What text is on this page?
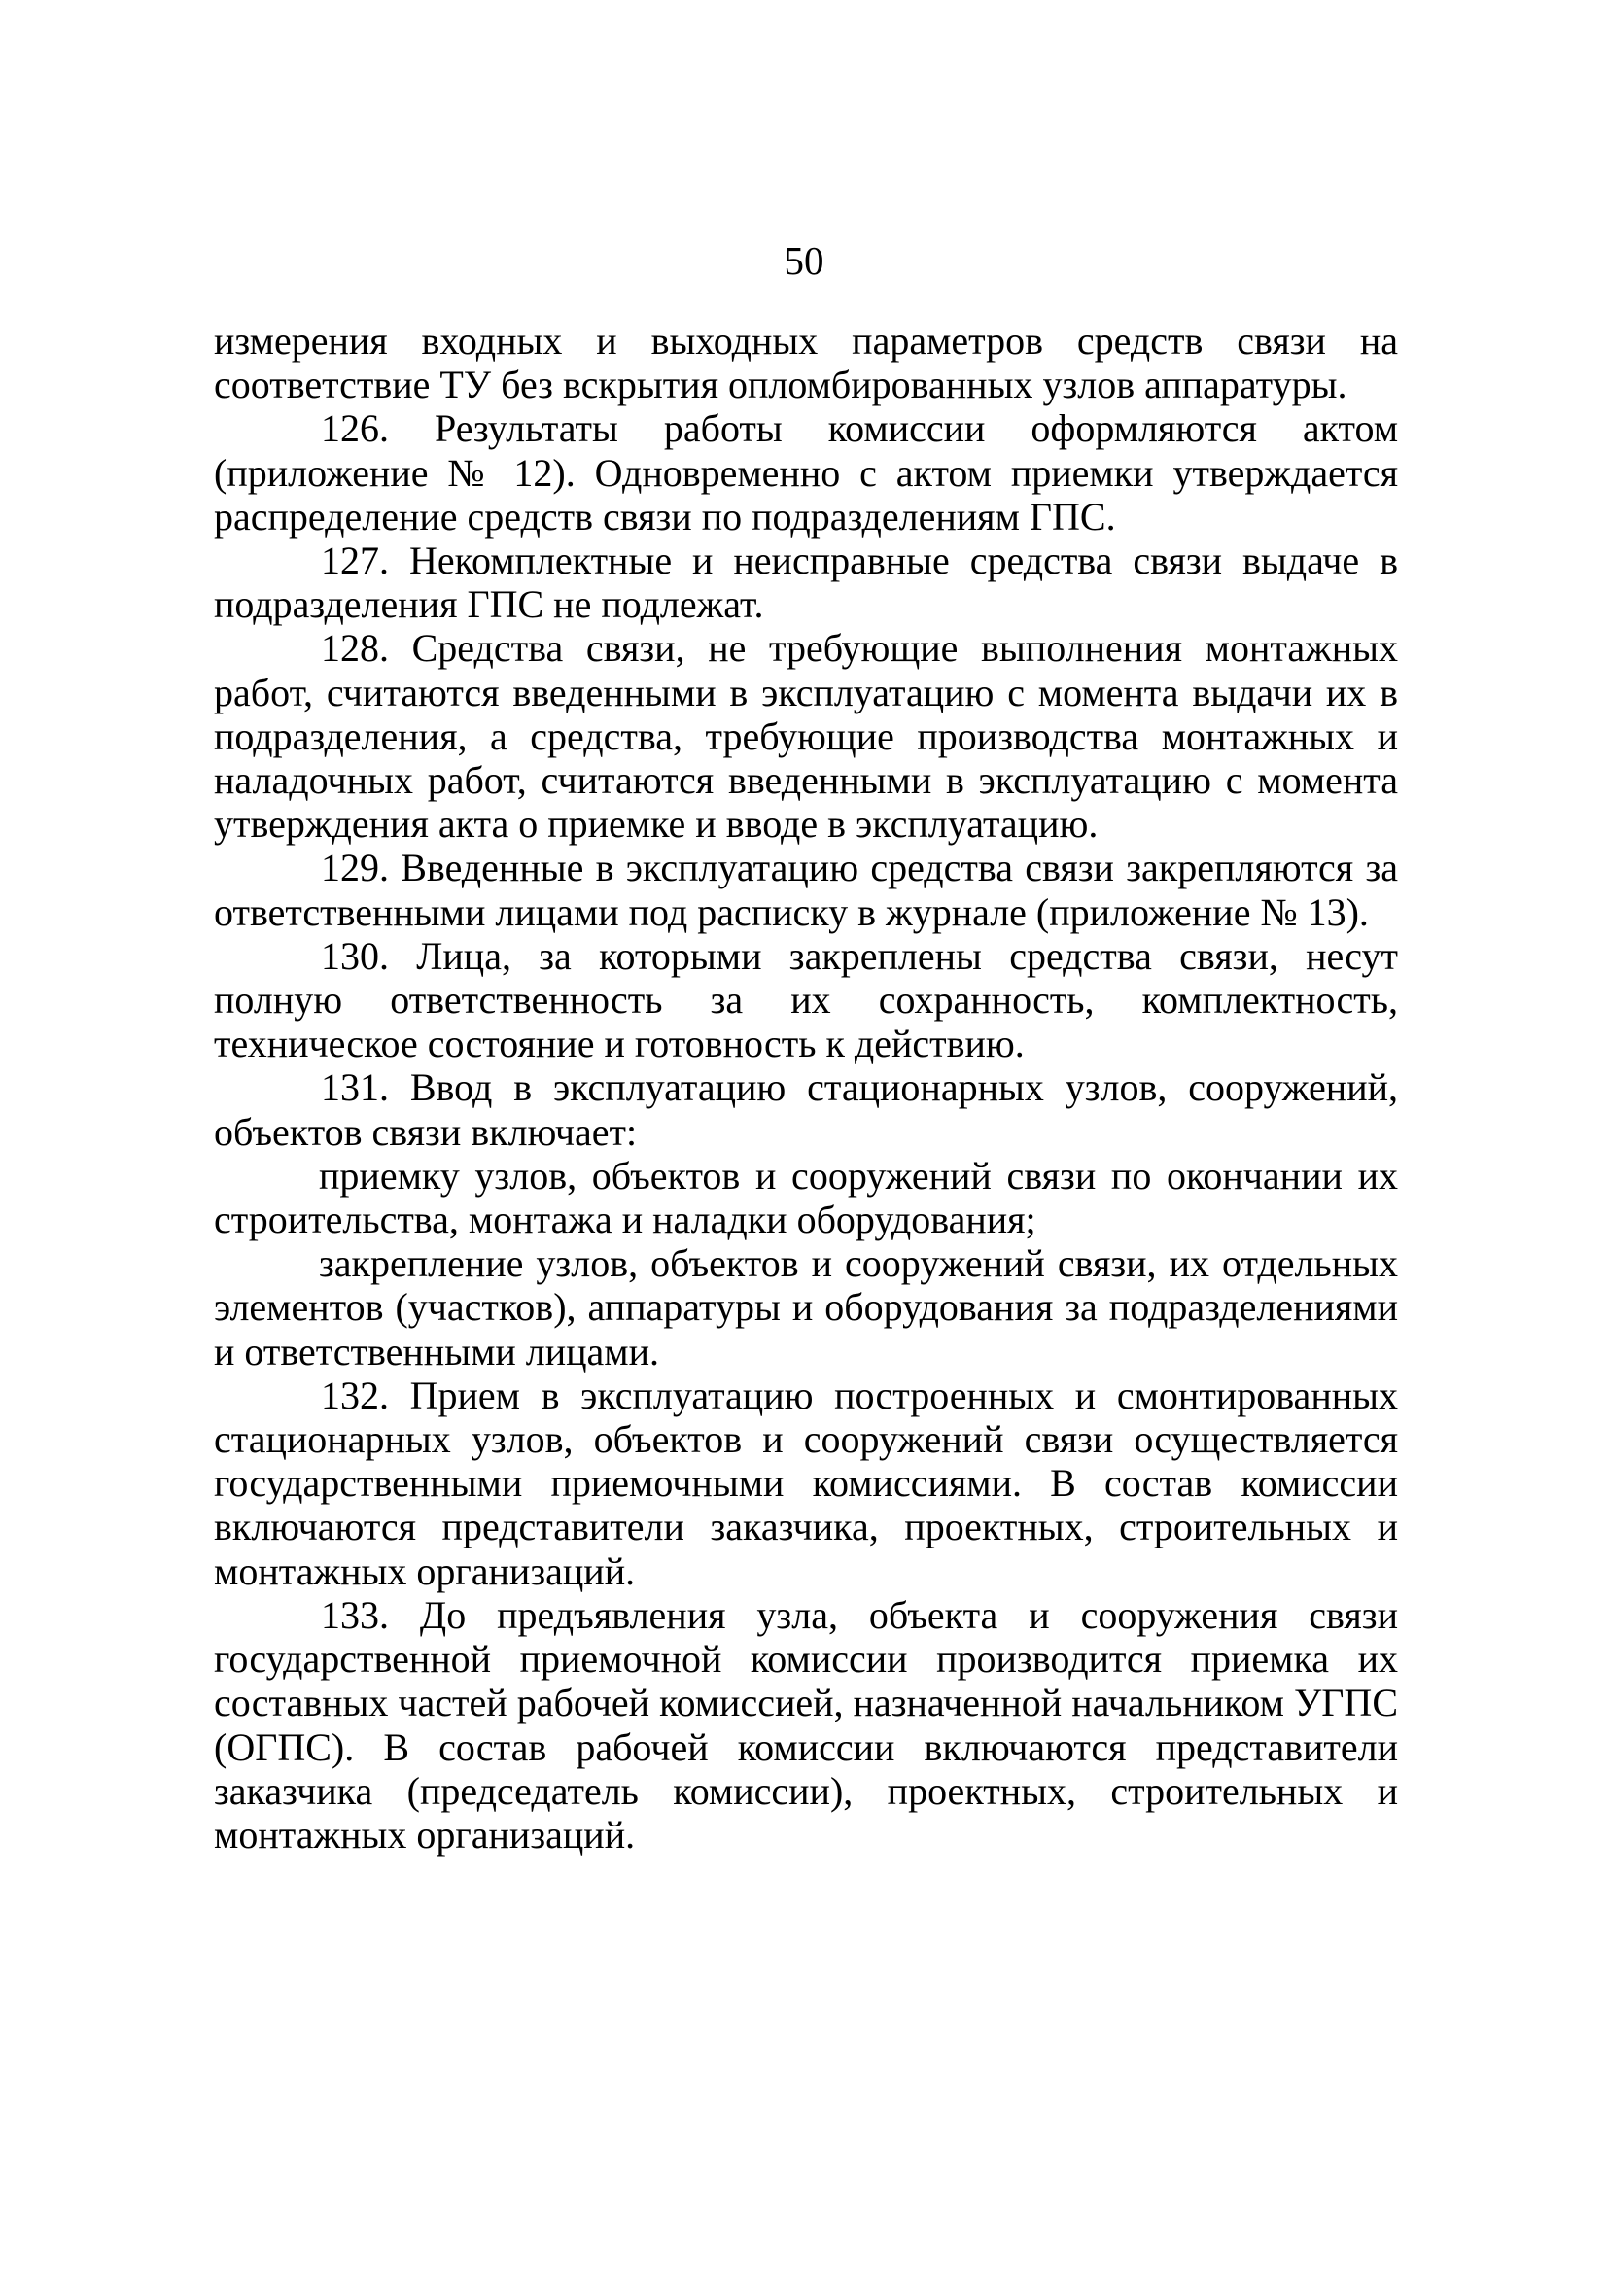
50

измерения входных и выходных параметров средств связи на соответствие ТУ без вскрытия опломбированных узлов аппаратуры.

126. Результаты работы комиссии оформляются актом (приложение № 12). Одновременно с актом приемки утверждается распределение средств связи по подразделениям ГПС.

127. Некомплектные и неисправные средства связи выдаче в подразделения ГПС не подлежат.

128. Средства связи, не требующие выполнения монтажных работ, считаются введенными в эксплуатацию с момента выдачи их в подразделения, а средства, требующие производства монтажных и наладочных работ, считаются введенными в эксплуатацию с момента утверждения акта о приемке и вводе в эксплуатацию.

129. Введенные в эксплуатацию средства связи закрепляются за ответственными лицами под расписку в журнале (приложение № 13).

130. Лица, за которыми закреплены средства связи, несут полную ответственность за их сохранность, комплектность, техническое состояние и готовность к действию.

131. Ввод в эксплуатацию стационарных узлов, сооружений, объектов связи включает:

приемку узлов, объектов и сооружений связи по окончании их строительства, монтажа и наладки оборудования;

закрепление узлов, объектов и сооружений связи, их отдельных элементов (участков), аппаратуры и оборудования за подразделениями и ответственными лицами.

132. Прием в эксплуатацию построенных и смонтированных стационарных узлов, объектов и сооружений связи осуществляется государственными приемочными комиссиями. В состав комиссии включаются представители заказчика, проектных, строительных и монтажных организаций.

133. До предъявления узла, объекта и сооружения связи государственной приемочной комиссии производится приемка их составных частей рабочей комиссией, назначенной начальником УГПС (ОГПС). В состав рабочей комиссии включаются представители заказчика (председатель комиссии), проектных, строительных и монтажных организаций.
